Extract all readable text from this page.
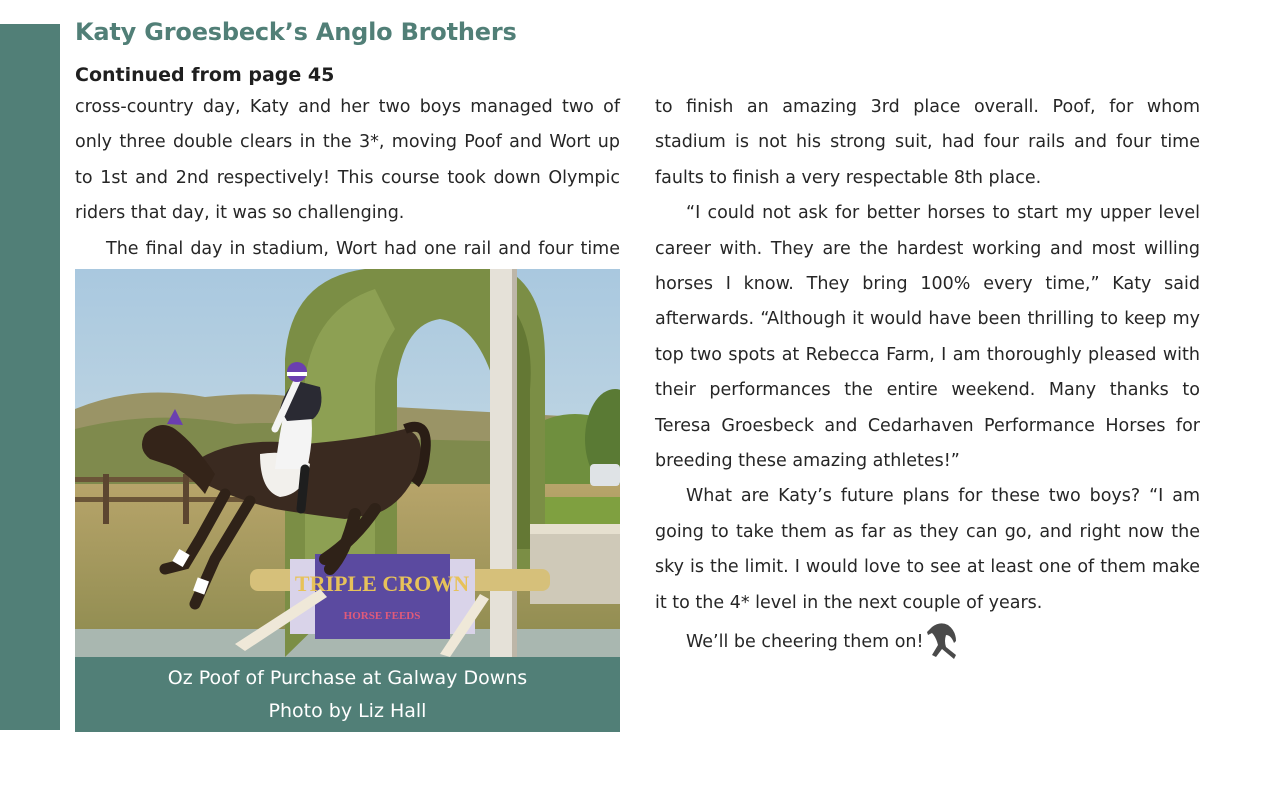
Katy Groesbeck’s Anglo Brothers
Continued from page 45

cross-country day, Katy and her two boys managed two of only three double clears in the 3*, moving Poof and Wort up to 1st and 2nd respectively! This course took down Olympic riders that day, it was so challenging.

The final day in stadium, Wort had one rail and four time

TRIPLE CROWN
HORSE FEEDS
Oz Poof of Purchase at Galway Downs
Photo by Liz Hall

to finish an amazing 3rd place overall. Poof, for whom stadium is not his strong suit, had four rails and four time faults to finish a very respectable 8th place.

“I could not ask for better horses to start my upper level career with. They are the hardest working and most willing horses I know. They bring 100% every time,” Katy said afterwards. “Although it would have been thrilling to keep my top two spots at Rebecca Farm, I am thoroughly pleased with their performances the entire weekend. Many thanks to Teresa Groesbeck and Cedarhaven Performance Horses for breeding these amazing athletes!”

What are Katy’s future plans for these two boys? “I am going to take them as far as they can go, and right now the sky is the limit. I would love to see at least one of them make it to the 4* level in the next couple of years.

We’ll be cheering them on!
